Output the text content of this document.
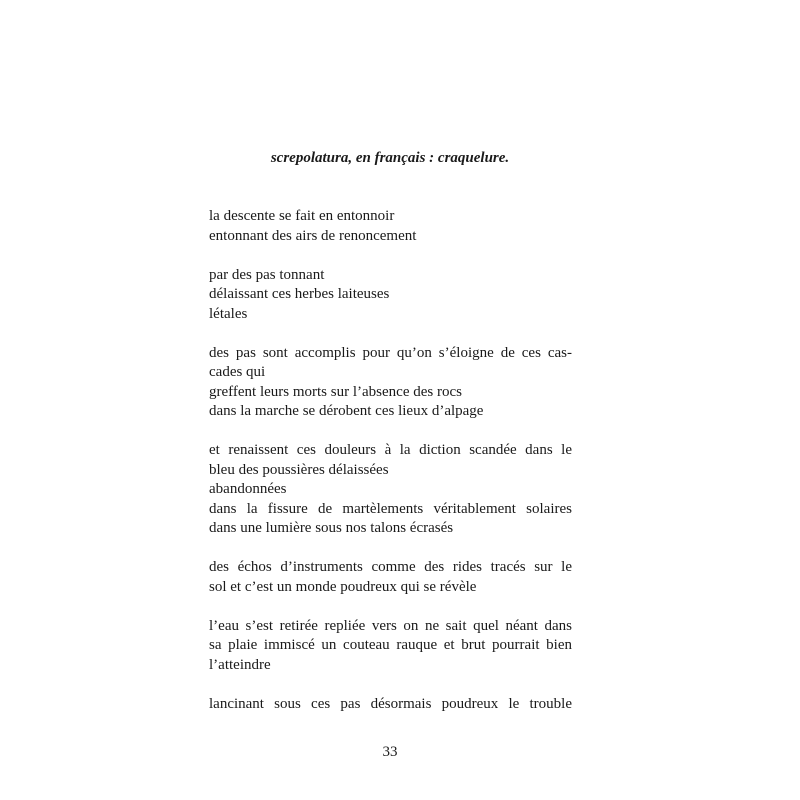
screpolatura, en français : craquelure.
la descente se fait en entonnoir
entonnant des airs de renoncement
par des pas tonnant
délaissant ces herbes laiteuses
létales
des pas sont accomplis pour qu’on s’éloigne de ces cas-
cades qui
greffent leurs morts sur l’absence des rocs
dans la marche se dérobent ces lieux d’alpage
et renaissent ces douleurs à la diction scandée dans le
bleu des poussières délaissées
abandonnées
dans la fissure de martèlements véritablement solaires
dans une lumière sous nos talons écrasés
des échos d’instruments comme des rides tracés sur le
sol et c’est un monde poudreux qui se révèle
l’eau s’est retirée repliée vers on ne sait quel néant dans
sa plaie immiscé un couteau rauque et brut pourrait bien
l’atteindre
lancinant sous ces pas désormais poudreux le trouble
33
